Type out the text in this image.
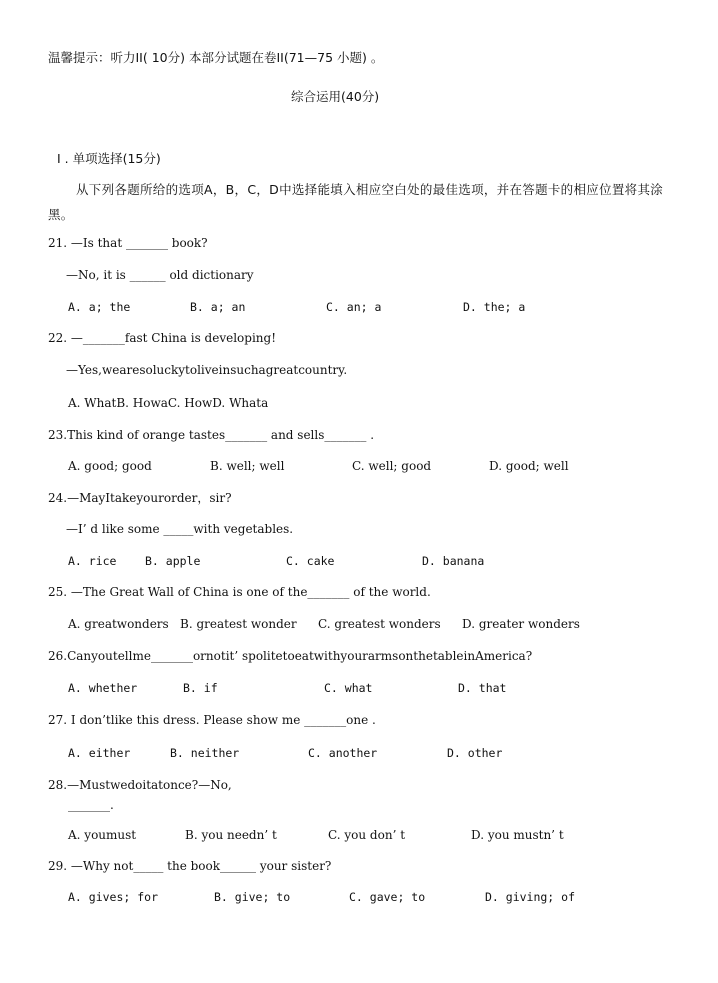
温馨提示：听力II( 10分) 本部分试题在卷II(71—75 小题) 。
综合运用(40分)
Ⅰ . 单项选择(15分)
从下列各题所给的选项A，B，C，D中选择能填入相应空白处的最佳选项，并在答题卡的相应位置将其涂黑。
21. —Is that _______ book?
—No, it is ______ old dictionary
A. a; the	B. a; an	C. an; a	D. the; a
22. —_______fast China is developing!
—Yes,wearesoluckytoliveinsuchagreatcountry.
A. WhatB. HowaC. HowD. Whata
23.This kind of orange tastes_______ and sells_______ .
A. good; good	B. well; well	C. well; good	D. good; well
24.—MayItakeyourorder，sir?
—I’ d like some _____with vegetables.
A. rice B. apple	C. cake	D. banana
25. —The Great Wall of China is one of the_______ of the world.
A. greatwonders B. greatest wonder C. greatest wonders D. greater wonders
26.Canyoutellme_______ornotit’ spolitetoeatwithyourarmsonthetableinAmerica?
A. whether	B. if	C. what	D. that
27. I don’tlike this dress. Please show me _______one .
A. either	B. neither	C. another	D. other
28.—Mustwedoitatonce?—No,
_______.
A. youmust	B. you needn’ t	C. you don’ t	D. you mustn’ t
29. —Why not_____ the book______ your sister?
A. gives; for	B. give; to	C. gave; to	D. giving; of
